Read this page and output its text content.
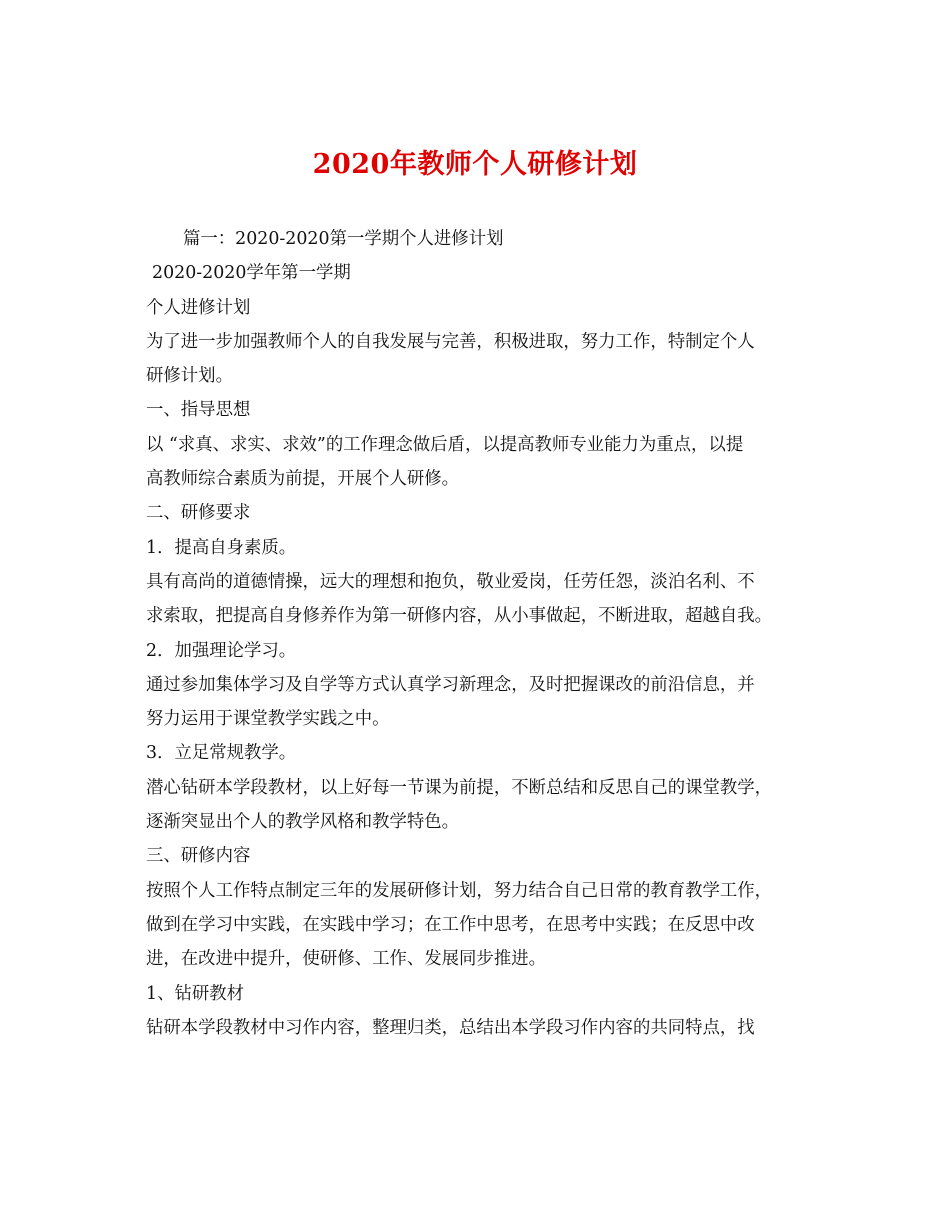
2020年教师个人研修计划

篇一：2020-2020第一学期个人进修计划

2020-2020学年第一学期

个人进修计划

为了进一步加强教师个人的自我发展与完善，积极进取，努力工作，特制定个人

研修计划。

一、指导思想

以 “求真、求实、求效”的工作理念做后盾，以提高教师专业能力为重点，以提

高教师综合素质为前提，开展个人研修。

二、研修要求

1．提高自身素质。

具有高尚的道德情操，远大的理想和抱负，敬业爱岗，任劳任怨，淡泊名利、不

求索取，把提高自身修养作为第一研修内容，从小事做起，不断进取，超越自我。

2．加强理论学习。

通过参加集体学习及自学等方式认真学习新理念，及时把握课改的前沿信息，并

努力运用于课堂教学实践之中。

3．立足常规教学。

潜心钻研本学段教材，以上好每一节课为前提，不断总结和反思自己的课堂教学，

逐渐突显出个人的教学风格和教学特色。

三、研修内容

按照个人工作特点制定三年的发展研修计划，努力结合自己日常的教育教学工作，

做到在学习中实践，在实践中学习；在工作中思考，在思考中实践；在反思中改

进，在改进中提升，使研修、工作、发展同步推进。

1、钻研教材

钻研本学段教材中习作内容，整理归类，总结出本学段习作内容的共同特点，找
